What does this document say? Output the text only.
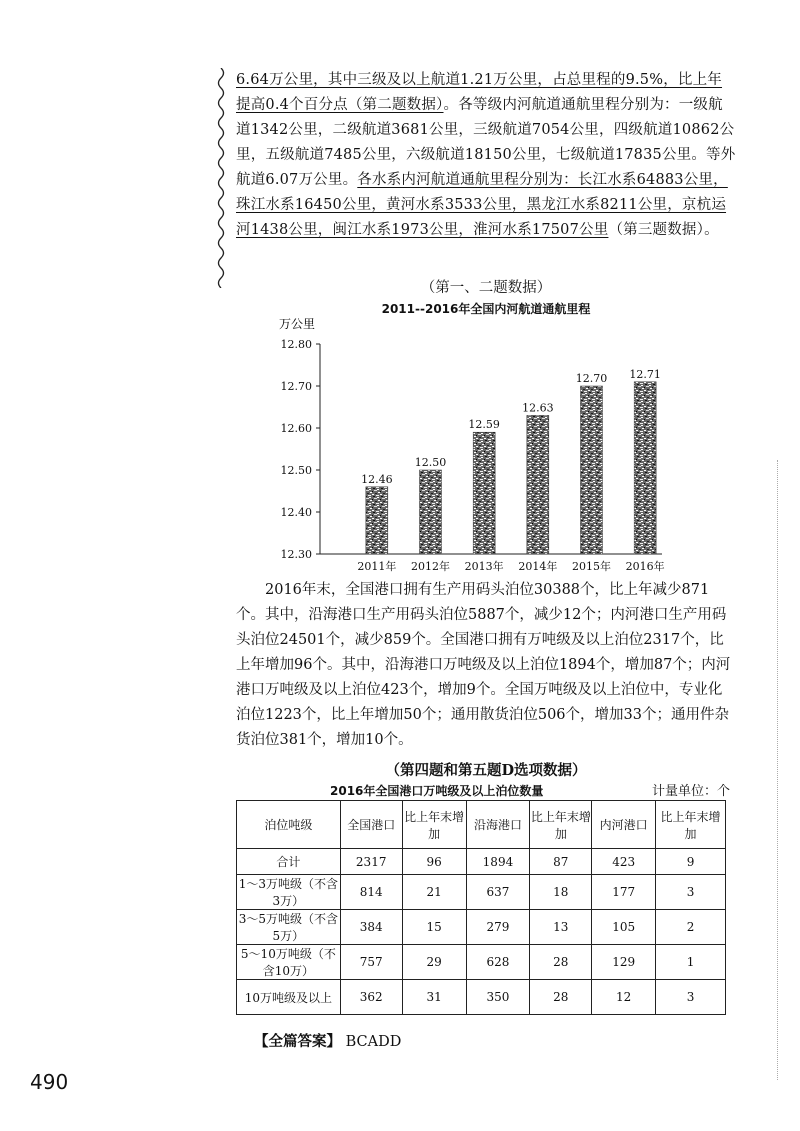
6.64万公里，其中三级及以上航道1.21万公里，占总里程的9.5%，比上年提高0.4个百分点（第二题数据）。各等级内河航道通航里程分别为：一级航道1342公里，二级航道3681公里，三级航道7054公里，四级航道10862公里，五级航道7485公里，六级航道18150公里，七级航道17835公里。等外航道6.07万公里。各水系内河航道通航里程分别为：长江水系64883公里，珠江水系16450公里，黄河水系3533公里，黑龙江水系8211公里，京杭运河1438公里，闽江水系1973公里，淮河水系17507公里（第三题数据）。
（第一、二题数据）
2011--2016年全国内河航道通航里程
万公里
12.30
12.40
12.50
12.60
12.70
12.80
12.46
12.50
12.59
12.63
12.70 12.71
2011年 2012年 2013年 2014年 2015年 2016年
2016年末，全国港口拥有生产用码头泊位30388个，比上年减少871个。其中，沿海港口生产用码头泊位5887个，减少12个；内河港口生产用码头泊位24501个，减少859个。全国港口拥有万吨级及以上泊位2317个，比上年增加96个。其中，沿海港口万吨级及以上泊位1894个，增加87个；内河港口万吨级及以上泊位423个，增加9个。全国万吨级及以上泊位中，专业化泊位1223个，比上年增加50个；通用散货泊位506个，增加33个；通用件杂货泊位381个，增加10个。
（第四题和第五题D选项数据）
2016年全国港口万吨级及以上泊位数量	计量单位：个
泊位吨级	全国港口	比上年末增加	沿海港口	比上年末增加	内河港口	比上年末增加
合计	2317	96	1894	87	423	9
1～3万吨级（不含3万）	814	21	637	18	177	3
3～5万吨级（不含5万）	384	15	279	13	105	2
5～10万吨级（不含10万）	757	29	628	28	129	1
10万吨级及以上	362	31	350	28	12	3
【全篇答案】 BCADD
490
